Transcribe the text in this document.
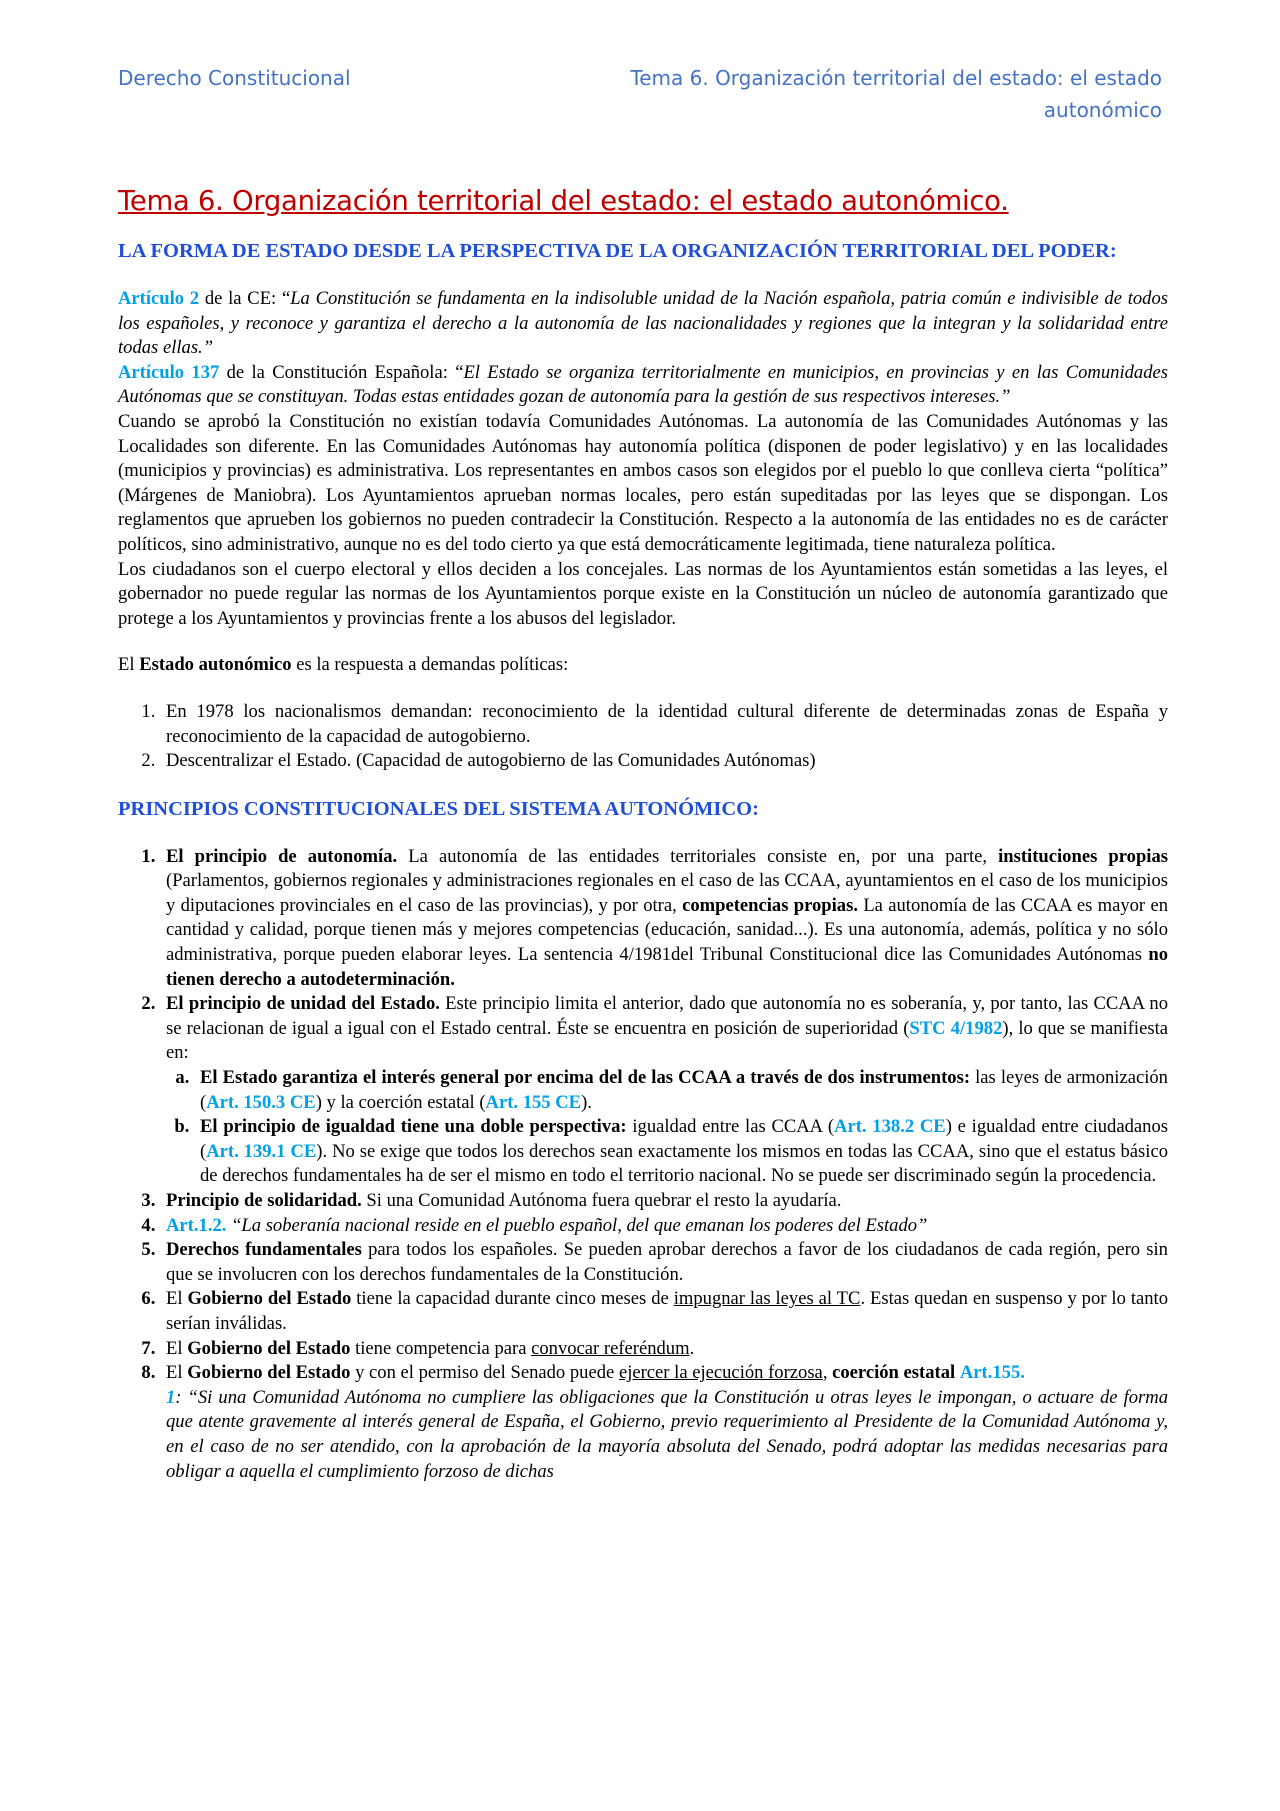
Derecho Constitucional	Tema 6. Organización territorial del estado: el estado
autonómico
Tema 6. Organización territorial del estado: el estado autonómico.
LA FORMA DE ESTADO DESDE LA PERSPECTIVA DE LA ORGANIZACIÓN TERRITORIAL DEL PODER:

Artículo 2 de la CE: “La Constitución se fundamenta en la indisoluble unidad de la Nación española, patria común e indivisible de todos los españoles, y reconoce y garantiza el derecho a la autonomía de las nacionalidades y regiones que la integran y la solidaridad entre todas ellas.”

Artículo 137 de la Constitución Española: “El Estado se organiza territorialmente en municipios, en provincias y en las Comunidades Autónomas que se constituyan. Todas estas entidades gozan de autonomía para la gestión de sus respectivos intereses.”

Cuando se aprobó la Constitución no existían todavía Comunidades Autónomas. La autonomía de las Comunidades Autónomas y las Localidades son diferente. En las Comunidades Autónomas hay autonomía política (disponen de poder legislativo) y en las localidades (municipios y provincias) es administrativa. Los representantes en ambos casos son elegidos por el pueblo lo que conlleva cierta “política” (Márgenes de Maniobra). Los Ayuntamientos aprueban normas locales, pero están supeditadas por las leyes que se dispongan. Los reglamentos que aprueben los gobiernos no pueden contradecir la Constitución. Respecto a la autonomía de las entidades no es de carácter políticos, sino administrativo, aunque no es del todo cierto ya que está democráticamente legitimada, tiene naturaleza política.

Los ciudadanos son el cuerpo electoral y ellos deciden a los concejales. Las normas de los Ayuntamientos están sometidas a las leyes, el gobernador no puede regular las normas de los Ayuntamientos porque existe en la Constitución un núcleo de autonomía garantizado que protege a los Ayuntamientos y provincias frente a los abusos del legislador.

El Estado autonómico es la respuesta a demandas políticas:

1. En 1978 los nacionalismos demandan: reconocimiento de la identidad cultural diferente de determinadas zonas de España y reconocimiento de la capacidad de autogobierno.
2. Descentralizar el Estado. (Capacidad de autogobierno de las Comunidades Autónomas)
PRINCIPIOS CONSTITUCIONALES DEL SISTEMA AUTONÓMICO:
1. El principio de autonomía. La autonomía de las entidades territoriales consiste en, por una parte, instituciones propias (Parlamentos, gobiernos regionales y administraciones regionales en el caso de las CCAA, ayuntamientos en el caso de los municipios y diputaciones provinciales en el caso de las provincias), y por otra, competencias propias. La autonomía de las CCAA es mayor en cantidad y calidad, porque tienen más y mejores competencias (educación, sanidad...). Es una autonomía, además, política y no sólo administrativa, porque pueden elaborar leyes. La sentencia 4/1981del Tribunal Constitucional dice las Comunidades Autónomas no tienen derecho a autodeterminación.
2. El principio de unidad del Estado. Este principio limita el anterior, dado que autonomía no es soberanía, y, por tanto, las CCAA no se relacionan de igual a igual con el Estado central. Éste se encuentra en posición de superioridad (STC 4/1982), lo que se manifiesta en:
a. El Estado garantiza el interés general por encima del de las CCAA a través de dos instrumentos: las leyes de armonización (Art. 150.3 CE) y la coerción estatal (Art. 155 CE).
b. El principio de igualdad tiene una doble perspectiva: igualdad entre las CCAA (Art. 138.2 CE) e igualdad entre ciudadanos (Art. 139.1 CE). No se exige que todos los derechos sean exactamente los mismos en todas las CCAA, sino que el estatus básico de derechos fundamentales ha de ser el mismo en todo el territorio nacional. No se puede ser discriminado según la procedencia.
3. Principio de solidaridad. Si una Comunidad Autónoma fuera quebrar el resto la ayudaría.
4. Art.1.2. “La soberanía nacional reside en el pueblo español, del que emanan los poderes del Estado”
5. Derechos fundamentales para todos los españoles. Se pueden aprobar derechos a favor de los ciudadanos de cada región, pero sin que se involucren con los derechos fundamentales de la Constitución.
6. El Gobierno del Estado tiene la capacidad durante cinco meses de impugnar las leyes al TC. Estas quedan en suspenso y por lo tanto serían inválidas.
7. El Gobierno del Estado tiene competencia para convocar referéndum.
8. El Gobierno del Estado y con el permiso del Senado puede ejercer la ejecución forzosa, coerción estatal Art.155.
1: “Si una Comunidad Autónoma no cumpliere las obligaciones que la Constitución u otras leyes le impongan, o actuare de forma que atente gravemente al interés general de España, el Gobierno, previo requerimiento al Presidente de la Comunidad Autónoma y, en el caso de no ser atendido, con la aprobación de la mayoría absoluta del Senado, podrá adoptar las medidas necesarias para obligar a aquella el cumplimiento forzoso de dichas
